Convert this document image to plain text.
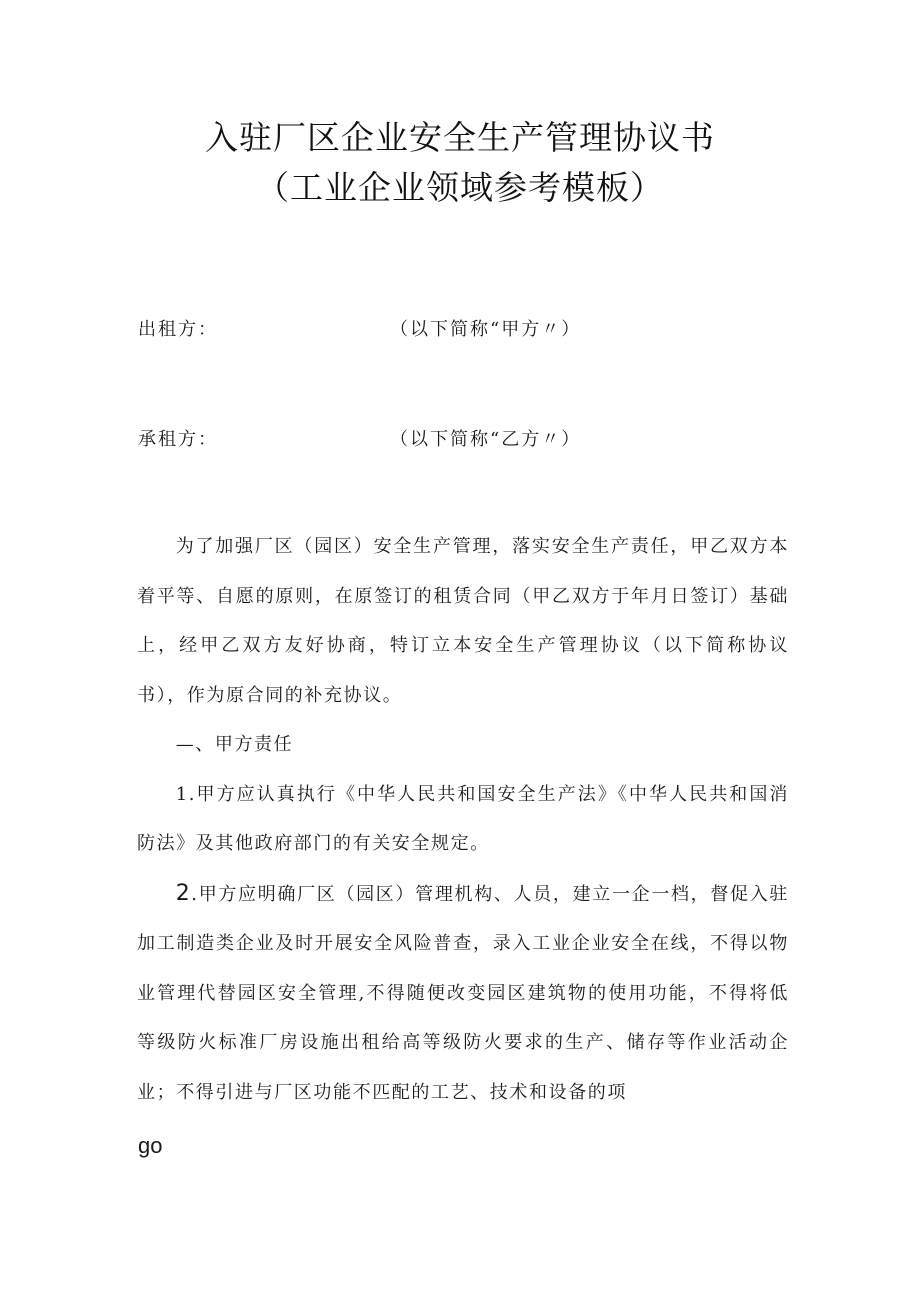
入驻厂区企业安全生产管理协议书
（工业企业领域参考模板）
出租方：	（以下简称“甲方〃）
承租方：	（以下简称“乙方〃）

为了加强厂区（园区）安全生产管理，落实安全生产责任，甲乙双方本着平等、自愿的原则，在原签订的租赁合同（甲乙双方于年月日签订）基础上，经甲乙双方友好协商，特订立本安全生产管理协议（以下简称协议书），作为原合同的补充协议。

—、甲方责任

1.甲方应认真执行《中华人民共和国安全生产法》《中华人民共和国消防法》及其他政府部门的有关安全规定。

2.甲方应明确厂区（园区）管理机构、人员，建立一企一档，督促入驻加工制造类企业及时开展安全风险普查，录入工业企业安全在线，不得以物业管理代替园区安全管理,不得随便改变园区建筑物的使用功能，不得将低等级防火标准厂房设施出租给高等级防火要求的生产、储存等作业活动企业；不得引进与厂区功能不匹配的工艺、技术和设备的项

go
